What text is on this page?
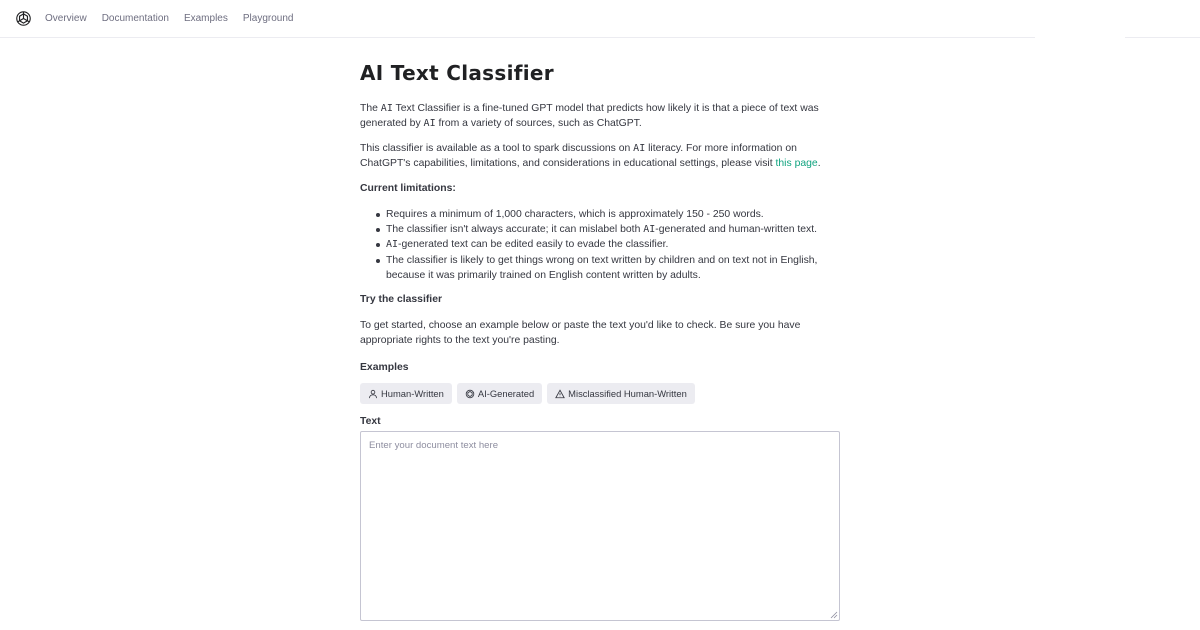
Overview Documentation Examples Playground
AI Text Classifier

The AI Text Classifier is a fine-tuned GPT model that predicts how likely it is that a piece of text was generated by AI from a variety of sources, such as ChatGPT.

This classifier is available as a tool to spark discussions on AI literacy. For more information on ChatGPT's capabilities, limitations, and considerations in educational settings, please visit this page.

Current limitations:
Requires a minimum of 1,000 characters, which is approximately 150 - 250 words.
The classifier isn't always accurate; it can mislabel both AI-generated and human-written text.
AI-generated text can be edited easily to evade the classifier.
The classifier is likely to get things wrong on text written by children and on text not in English, because it was primarily trained on English content written by adults.
Try the classifier

To get started, choose an example below or paste the text you'd like to check. Be sure you have appropriate rights to the text you're pasting.

Examples
Human-Written	AI-Generated	Misclassified Human-Written
Text
Enter your document text here
